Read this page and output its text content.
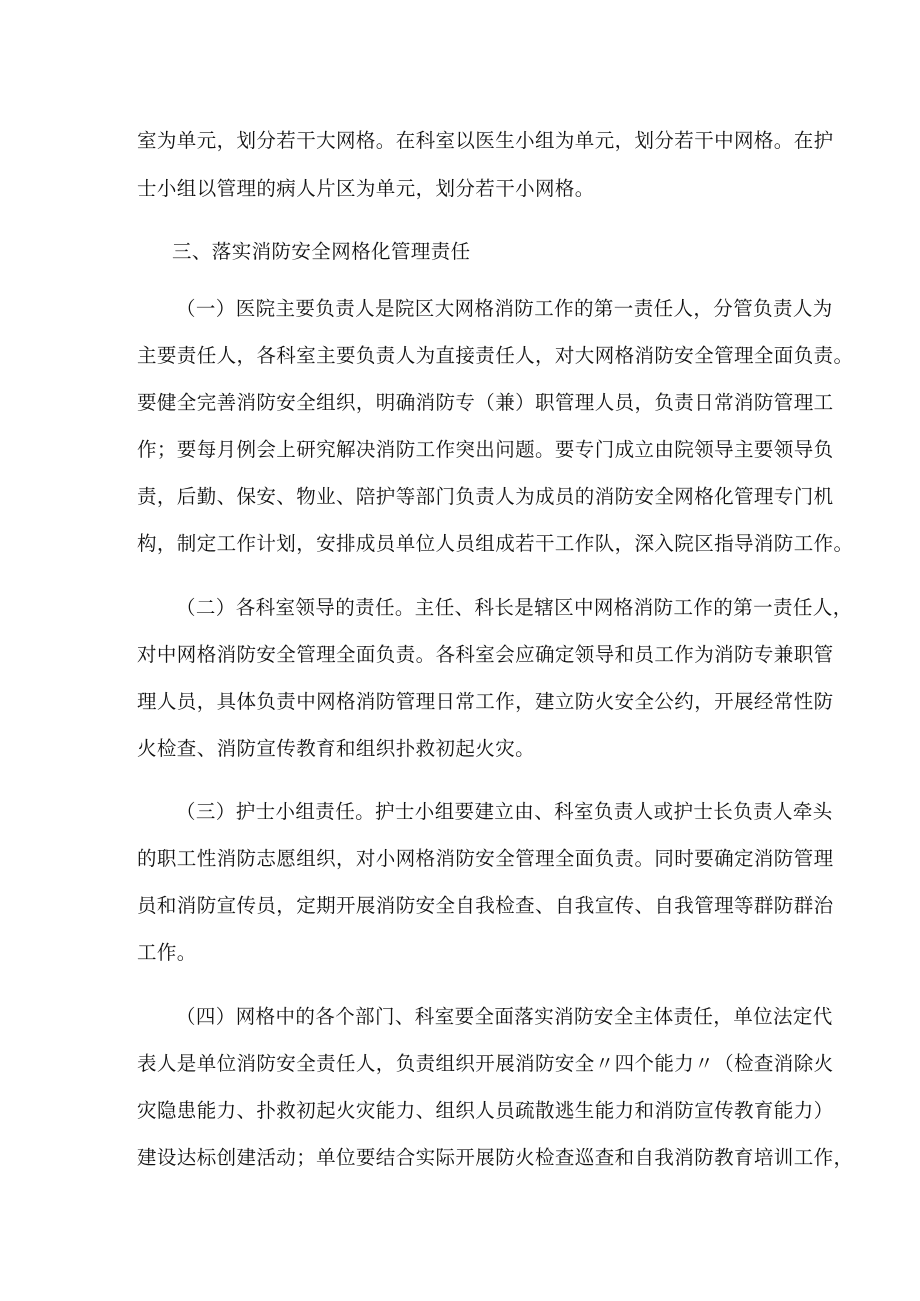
室为单元，划分若干大网格。在科室以医生小组为单元，划分若干中网格。在护
士小组以管理的病人片区为单元，划分若干小网格。
三、落实消防安全网格化管理责任
（一）医院主要负责人是院区大网格消防工作的第一责任人，分管负责人为
主要责任人，各科室主要负责人为直接责任人，对大网格消防安全管理全面负责。
要健全完善消防安全组织，明确消防专（兼）职管理人员，负责日常消防管理工
作；要每月例会上研究解决消防工作突出问题。要专门成立由院领导主要领导负
责，后勤、保安、物业、陪护等部门负责人为成员的消防安全网格化管理专门机
构，制定工作计划，安排成员单位人员组成若干工作队，深入院区指导消防工作。
（二）各科室领导的责任。主任、科长是辖区中网格消防工作的第一责任人，
对中网格消防安全管理全面负责。各科室会应确定领导和员工作为消防专兼职管
理人员，具体负责中网格消防管理日常工作，建立防火安全公约，开展经常性防
火检查、消防宣传教育和组织扑救初起火灾。
（三）护士小组责任。护士小组要建立由、科室负责人或护士长负责人牵头
的职工性消防志愿组织，对小网格消防安全管理全面负责。同时要确定消防管理
员和消防宣传员，定期开展消防安全自我检查、自我宣传、自我管理等群防群治
工作。
（四）网格中的各个部门、科室要全面落实消防安全主体责任，单位法定代
表人是单位消防安全责任人，负责组织开展消防安全〃四个能力〃（检查消除火
灾隐患能力、扑救初起火灾能力、组织人员疏散逃生能力和消防宣传教育能力）
建设达标创建活动；单位要结合实际开展防火检查巡查和自我消防教育培训工作，
